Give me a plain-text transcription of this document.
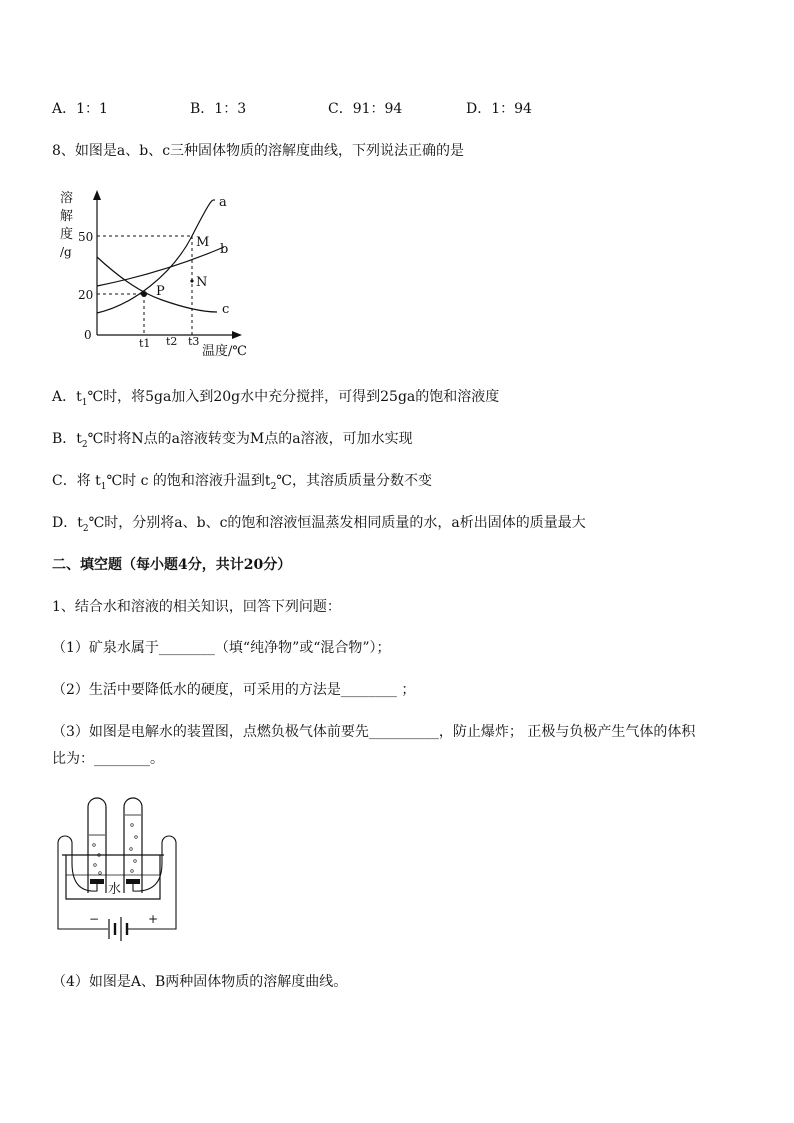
A．1：1	B．1：3	C．91：94	D．1：94
8、如图是a、b、c三种固体物质的溶解度曲线，下列说法正确的是
溶
解
度
/g
50
20
0
t1 t2 t3
温度/℃
a
b
c
M
N
P
A．$t_1℃$时，将5ga加入到20g水中充分搅拌，可得到25ga的饱和溶液度
B．$t_2℃$时将N点的a溶液转变为M点的a溶液，可加水实现
C．将 $t_1℃$时 c 的饱和溶液升温到$t_2℃$，其溶质质量分数不变
D．$t_2℃$时，分别将a、b、c的饱和溶液恒温蒸发相同质量的水，a析出固体的质量最大
二、填空题（每小题4分，共计20分）
1、结合水和溶液的相关知识，回答下列问题：
（1）矿泉水属于________（填“纯净物”或“混合物”）；
（2）生活中要降低水的硬度，可采用的方法是________ ；
（3）如图是电解水的装置图，点燃负极气体前要先__________，防止爆炸； 正极与负极产生气体的体积
比为：________。
水
−	+
（4）如图是A、B两种固体物质的溶解度曲线。
